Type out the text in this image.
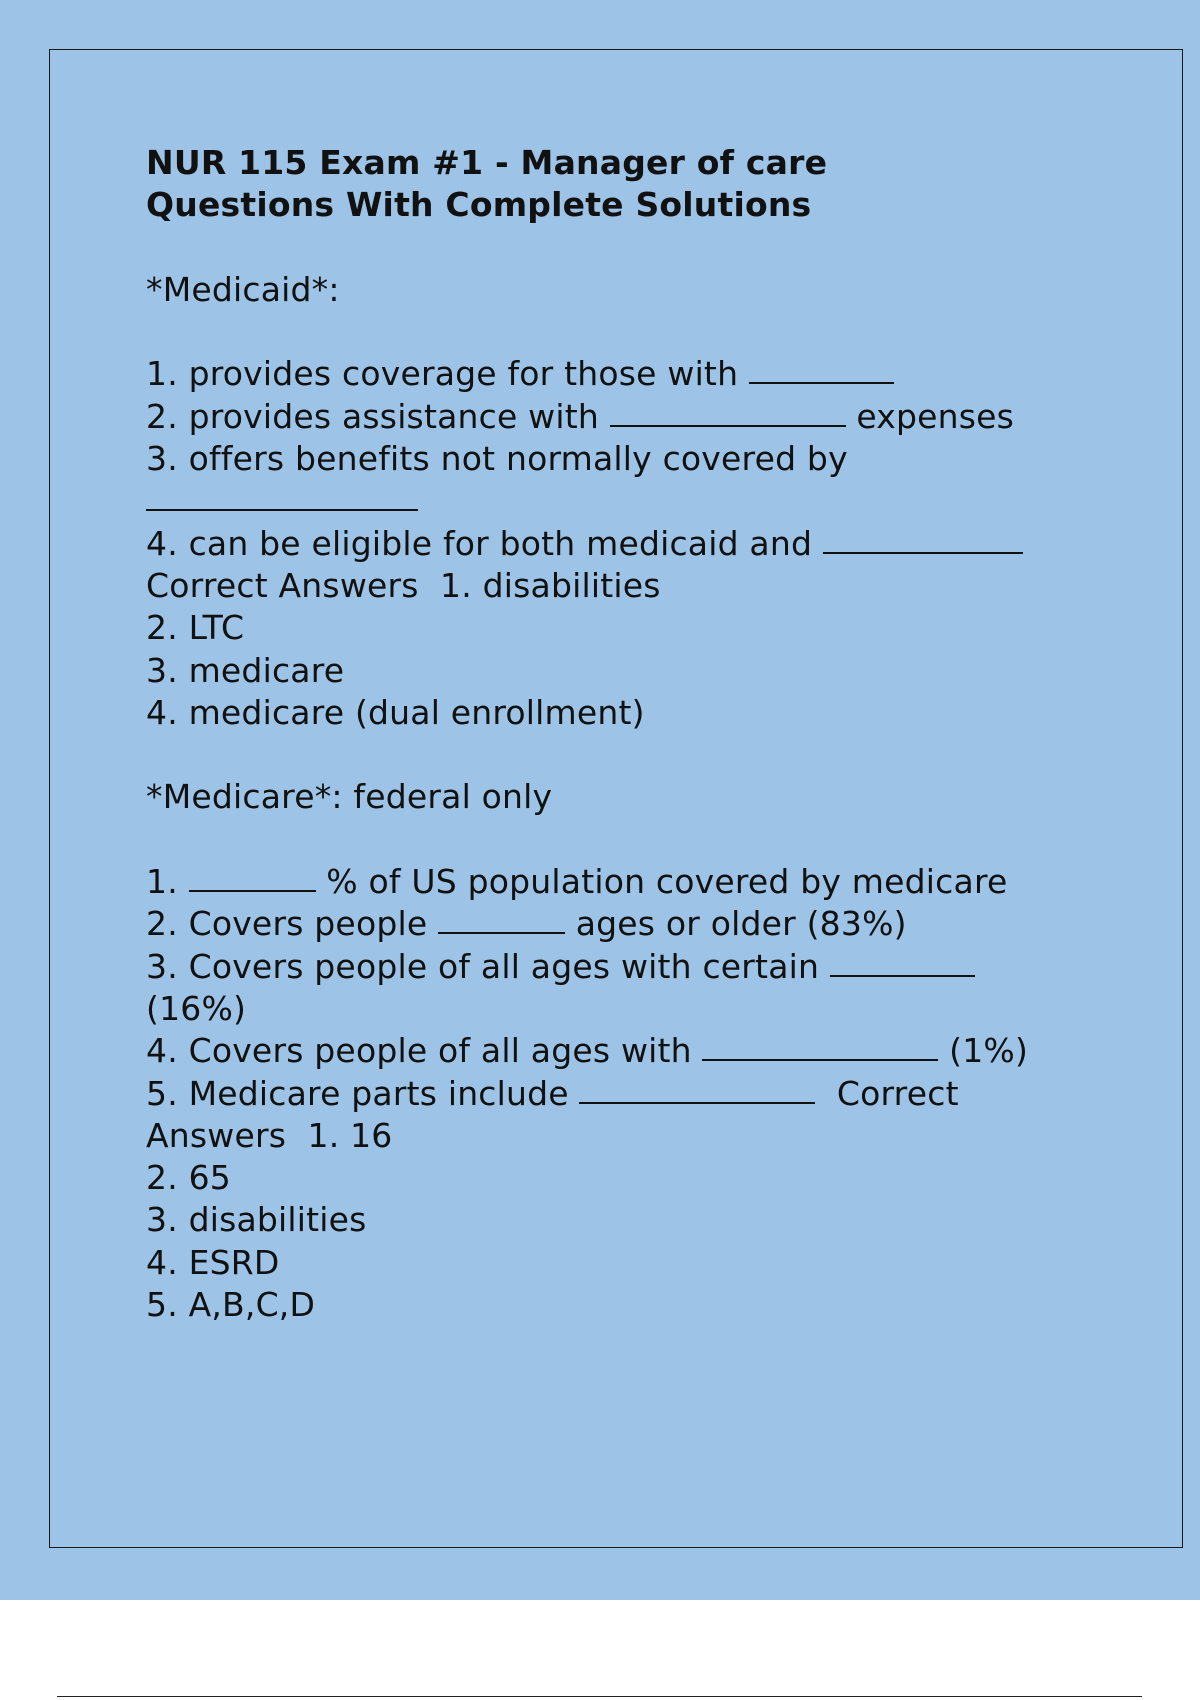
NUR 115 Exam #1 - Manager of care
Questions With Complete Solutions
*Medicaid*:
1. provides coverage for those with
2. provides assistance with	expenses
3. offers benefits not normally covered by
4. can be eligible for both medicaid and
Correct Answers  1. disabilities
2. LTC
3. medicare
4. medicare (dual enrollment)
*Medicare*: federal only
1.	% of US population covered by medicare
2. Covers people	ages or older (83%)
3. Covers people of all ages with certain
(16%)
4. Covers people of all ages with	(1%)
5. Medicare parts include	Correct
Answers  1. 16
2. 65
3. disabilities
4. ESRD
5. A,B,C,D
